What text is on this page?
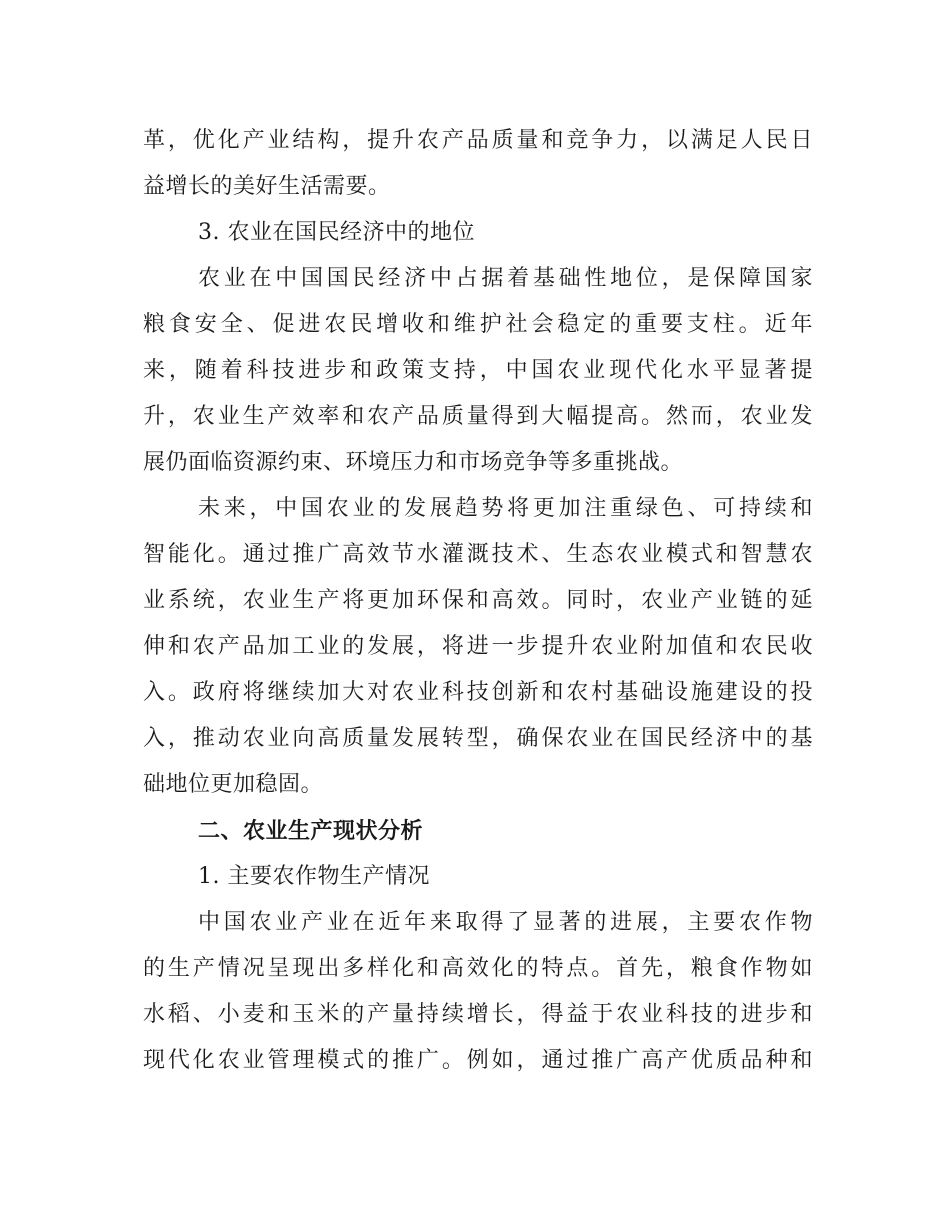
革，优化产业结构，提升农产品质量和竞争力，以满足人民日
益增长的美好生活需要。
3. 农业在国民经济中的地位
农业在中国国民经济中占据着基础性地位，是保障国家
粮食安全、促进农民增收和维护社会稳定的重要支柱。近年
来，随着科技进步和政策支持，中国农业现代化水平显著提
升，农业生产效率和农产品质量得到大幅提高。然而，农业发
展仍面临资源约束、环境压力和市场竞争等多重挑战。
未来，中国农业的发展趋势将更加注重绿色、可持续和
智能化。通过推广高效节水灌溉技术、生态农业模式和智慧农
业系统，农业生产将更加环保和高效。同时，农业产业链的延
伸和农产品加工业的发展，将进一步提升农业附加值和农民收
入。政府将继续加大对农业科技创新和农村基础设施建设的投
入，推动农业向高质量发展转型，确保农业在国民经济中的基
础地位更加稳固。
二、农业生产现状分析
1. 主要农作物生产情况
中国农业产业在近年来取得了显著的进展，主要农作物
的生产情况呈现出多样化和高效化的特点。首先，粮食作物如
水稻、小麦和玉米的产量持续增长，得益于农业科技的进步和
现代化农业管理模式的推广。例如，通过推广高产优质品种和
